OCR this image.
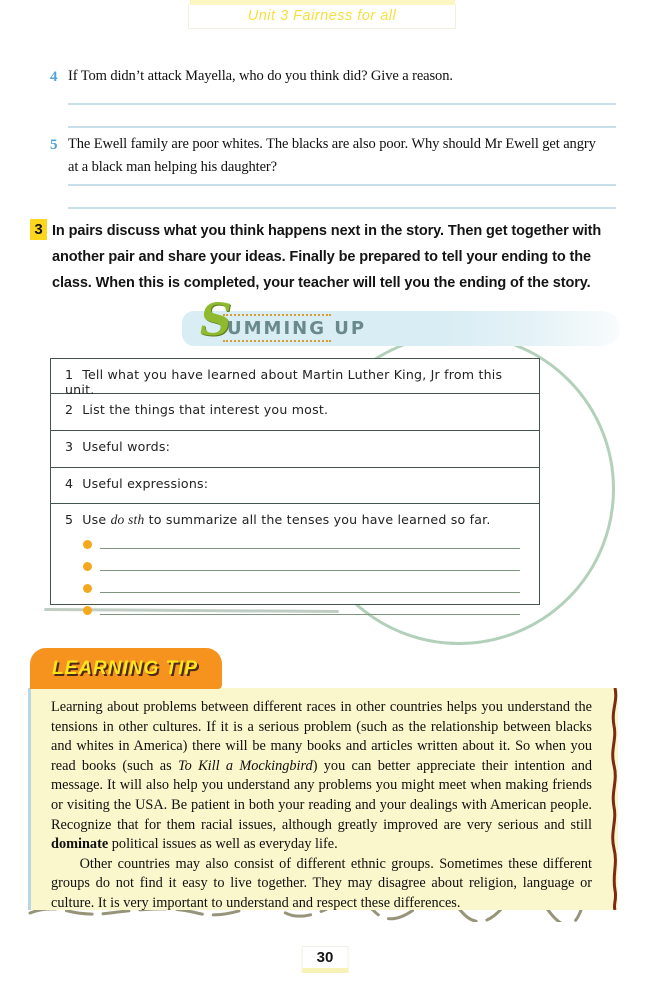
Unit 3 Fairness for all
4 If Tom didn’t attack Mayella, who do you think did? Give a reason.
5 The Ewell family are poor whites. The blacks are also poor. Why should Mr Ewell get angry
at a black man helping his daughter?
3 In pairs discuss what you think happens next in the story. Then get together with
another pair and share your ideas. Finally be prepared to tell your ending to the
class. When this is completed, your teacher will tell you the ending of the story.
S
UMMING UP
1 Tell what you have learned about Martin Luther King, Jr from this unit.
2 List the things that interest you most.
3 Useful words:
4 Useful expressions:
5 Use do sth to summarize all the tenses you have learned so far.
LEARNING TIP

Learning about problems between different races in other countries helps you understand the tensions in other cultures. If it is a serious problem (such as the relationship between blacks and whites in America) there will be many books and articles written about it. So when you read books (such as To Kill a Mockingbird) you can better appreciate their intention and message. It will also help you understand any problems you might meet when making friends or visiting the USA. Be patient in both your reading and your dealings with American people. Recognize that for them racial issues, although greatly improved are very serious and still dominate political issues as well as everyday life.

Other countries may also consist of different ethnic groups. Sometimes these different groups do not find it easy to live together. They may disagree about religion, language or culture. It is very important to understand and respect these differences.

30
